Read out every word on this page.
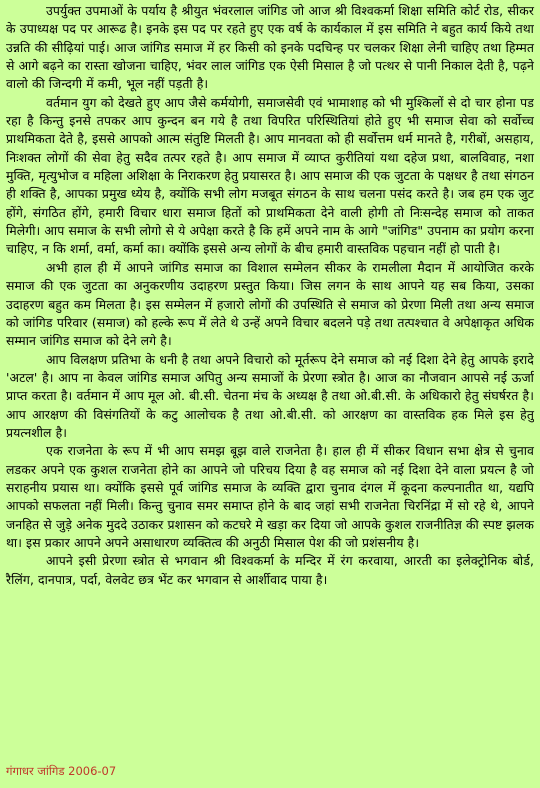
उपर्युक्त उपमाओं के पर्याय है श्रीयुत भंवरलाल जांगिड जो आज श्री विश्वकर्मा शिक्षा समिति कोर्ट रोड, सीकर के उपाध्यक्ष पद पर आरूढ है। इनके इस पद पर रहते हुए एक वर्ष के कार्यकाल में इस समिति ने बहुत कार्य किये तथा उन्नति की सीढ़ियां पाई। आज जांगिड समाज में हर किसी को इनके पदचिन्ह पर चलकर शिक्षा लेनी चाहिए तथा हिम्मत से आगे बढ़ने का रास्ता खोजना चाहिए, भंवर लाल जांगिड एक ऐसी मिसाल है जो पत्थर से पानी निकाल देती है, पढ़ने वालो की जिन्दगी में कमी, भूल नहीं पड़ती है।

वर्तमान युग को देखते हुए आप जैसे कर्मयोगी, समाजसेवी एवं भामाशाह को भी मुश्किलों से दो चार होना पड रहा है किन्तु इनसे तपकर आप कुन्दन बन गये है तथा विपरित परिस्थितियां होते हुए भी समाज सेवा को सर्वोच्च प्राथमिकता देते है, इससे आपको आत्म संतुष्टि मिलती है। आप मानवता को ही सर्वोत्तम धर्म मानते है, गरीबों, असहाय, निःशक्त लोगों की सेवा हेतु सदैव तत्पर रहते है। आप समाज में व्याप्त कुरीतियां यथा दहेज प्रथा, बालविवाह, नशा मुक्ति, मृत्युभोज व महिला अशिक्षा के निराकरण हेतु प्रयासरत है। आप समाज की एक जुटता के पक्षधर है तथा संगठन ही शक्ति है, आपका प्रमुख ध्येय है, क्योंकि सभी लोग मजबूत संगठन के साथ चलना पसंद करते है। जब हम एक जुट होंगे, संगठित होंगे, हमारी विचार धारा समाज हितों को प्राथमिकता देने वाली होगी तो निःसन्देह समाज को ताकत मिलेगी। आप समाज के सभी लोगो से ये अपेक्षा करते है कि हमें अपने नाम के आगे "जांगिड" उपनाम का प्रयोग करना चाहिए, न कि शर्मा, वर्मा, कर्मा का। क्योंकि इससे अन्य लोगों के बीच हमारी वास्तविक पहचान नहीं हो पाती है।

अभी हाल ही में आपने जांगिड समाज का विशाल सम्मेलन सीकर के रामलीला मैदान में आयोजित करके समाज की एक जुटता का अनुकरणीय उदाहरण प्रस्तुत किया। जिस लगन के साथ आपने यह सब किया, उसका उदाहरण बहुत कम मिलता है। इस सम्मेलन में हजारो लोगों की उपस्थिति से समाज को प्रेरणा मिली तथा अन्य समाज को जांगिड परिवार (समाज) को हल्के रूप में लेते थे उन्हें अपने विचार बदलने पड़े तथा तत्पश्चात वे अपेक्षाकृत अधिक सम्मान जांगिड समाज को देने लगे है।

आप विलक्षण प्रतिभा के धनी है तथा अपने विचारो को मूर्तरूप देने समाज को नई दिशा देने हेतु आपके इरादे 'अटल' है। आप ना केवल जांगिड समाज अपितु अन्य समाजों के प्रेरणा स्त्रोत है। आज का नौजवान आपसे नई ऊर्जा प्राप्त करता है। वर्तमान में आप मूल ओ. बी.सी. चेतना मंच के अध्यक्ष है तथा ओ.बी.सी. के अधिकारो हेतु संघर्षरत है। आप आरक्षण की विसंगतियों के कटु आलोचक है तथा ओ.बी.सी. को आरक्षण का वास्तविक हक मिले इस हेतु प्रयत्नशील है।

एक राजनेता के रूप में भी आप समझ बूझ वाले राजनेता है। हाल ही में सीकर विधान सभा क्षेत्र से चुनाव लडकर अपने एक कुशल राजनेता होने का आपने जो परिचय दिया है वह समाज को नई दिशा देने वाला प्रयत्न है जो सराहनीय प्रयास था। क्योंकि इससे पूर्व जांगिड समाज के व्यक्ति द्वारा चुनाव दंगल में कूदना कल्पनातीत था, यद्यपि आपको सफलता नहीं मिली। किन्तु चुनाव समर समाप्त होने के बाद जहां सभी राजनेता चिरनिंद्रा में सो रहे थे, आपने जनहित से जुड़े अनेक मुददे उठाकर प्रशासन को कटघरे मे खड़ा कर दिया जो आपके कुशल राजनीतिज्ञ की स्पष्ट झलक था। इस प्रकार आपने अपने असाधारण व्यक्तित्व की अनुठी मिसाल पेश की जो प्रशंसनीय है।

आपने इसी प्रेरणा स्त्रोत से भगवान श्री विश्वकर्मा के मन्दिर में रंग करवाया, आरती का इलेक्ट्रोनिक बोर्ड, रैलिंग, दानपात्र, पर्दा, वेलवेट छत्र भेंट कर भगवान से आर्शीवाद पाया है।

गंगाधर जांगिड 2006-07
